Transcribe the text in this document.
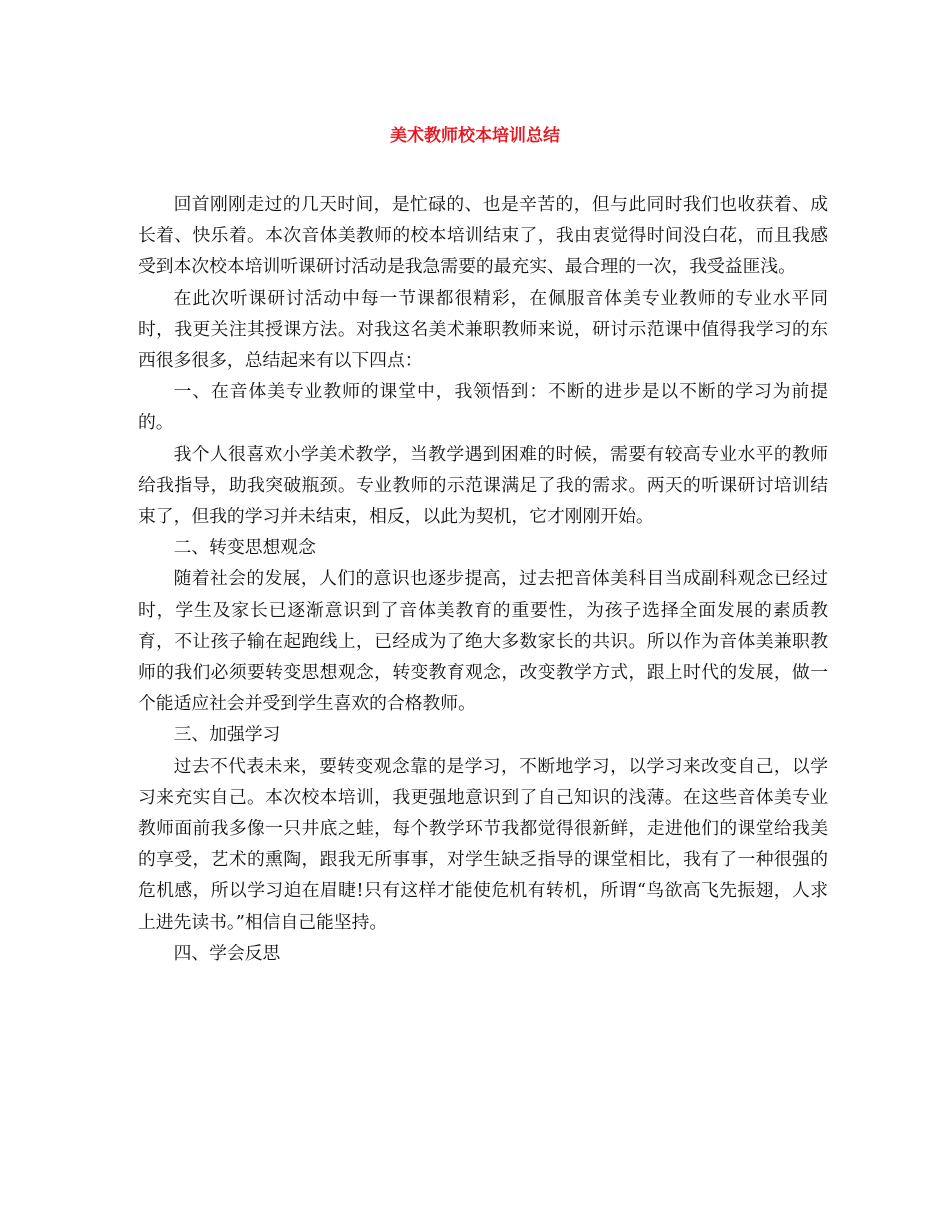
美术教师校本培训总结

回首刚刚走过的几天时间，是忙碌的、也是辛苦的，但与此同时我们也收获着、成长着、快乐着。本次音体美教师的校本培训结束了，我由衷觉得时间没白花，而且我感受到本次校本培训听课研讨活动是我急需要的最充实、最合理的一次，我受益匪浅。

在此次听课研讨活动中每一节课都很精彩，在佩服音体美专业教师的专业水平同时，我更关注其授课方法。对我这名美术兼职教师来说，研讨示范课中值得我学习的东西很多很多，总结起来有以下四点：

一、在音体美专业教师的课堂中，我领悟到：不断的进步是以不断的学习为前提的。

我个人很喜欢小学美术教学，当教学遇到困难的时候，需要有较高专业水平的教师给我指导，助我突破瓶颈。专业教师的示范课满足了我的需求。两天的听课研讨培训结束了，但我的学习并未结束，相反，以此为契机，它才刚刚开始。

二、转变思想观念

随着社会的发展，人们的意识也逐步提高，过去把音体美科目当成副科观念已经过时，学生及家长已逐渐意识到了音体美教育的重要性，为孩子选择全面发展的素质教育，不让孩子输在起跑线上，已经成为了绝大多数家长的共识。所以作为音体美兼职教师的我们必须要转变思想观念，转变教育观念，改变教学方式，跟上时代的发展，做一个能适应社会并受到学生喜欢的合格教师。

三、加强学习

过去不代表未来，要转变观念靠的是学习，不断地学习，以学习来改变自己，以学习来充实自己。本次校本培训，我更强地意识到了自己知识的浅薄。在这些音体美专业教师面前我多像一只井底之蛙，每个教学环节我都觉得很新鲜，走进他们的课堂给我美的享受，艺术的熏陶，跟我无所事事，对学生缺乏指导的课堂相比，我有了一种很强的危机感，所以学习迫在眉睫!只有这样才能使危机有转机，所谓“鸟欲高飞先振翅，人求上进先读书。”相信自己能坚持。

四、学会反思
